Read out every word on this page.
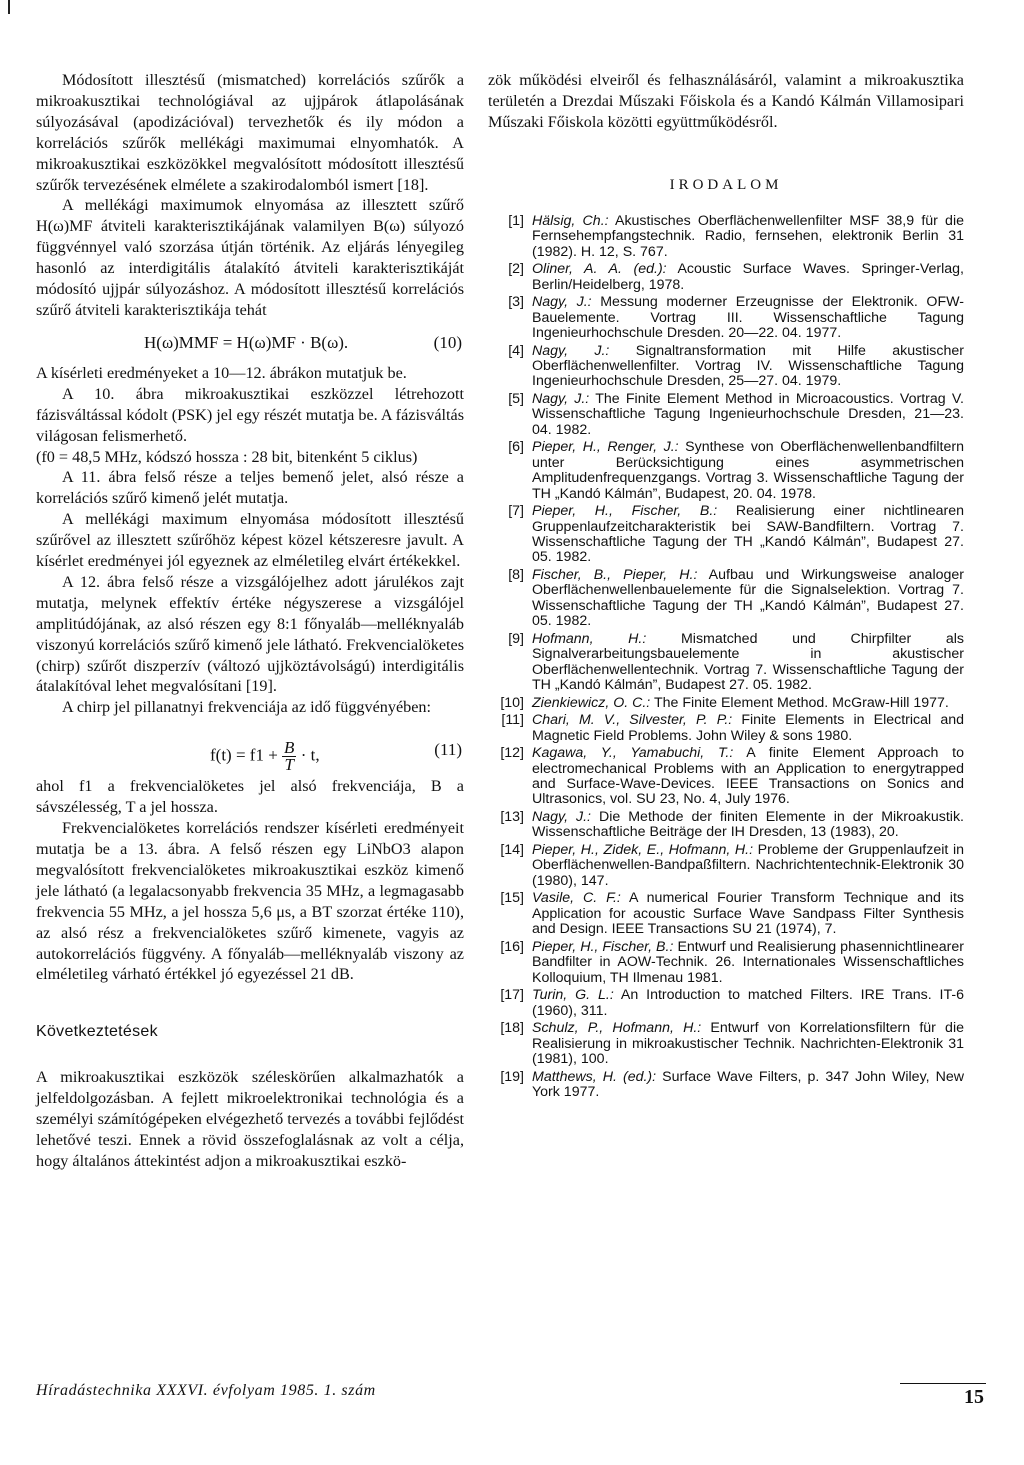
Módosított illesztésű (mismatched) korrelációs szűrők a mikroakusztikai technológiával az ujjpárok átlapolásának súlyozásával (apodizációval) tervezhetők és ily módon a korrelációs szűrők mellékági maximumai elnyomhatók. A mikroakusztikai eszközökkel megvalósított módosított illesztésű szűrők tervezésének elmélete a szakirodalomból ismert [18].

A mellékági maximumok elnyomása az illesztett szűrő H(ω)MF átviteli karakterisztikájának valamilyen B(ω) súlyozó függvénnyel való szorzása útján történik. Az eljárás lényegileg hasonló az interdigitális átalakító átviteli karakterisztikáját módosító ujjpár súlyozáshoz. A módosított illesztésű korrelációs szűrő átviteli karakterisztikája tehát

H(ω)MMF = H(ω)MF · B(ω).	(10)

A kísérleti eredményeket a 10—12. ábrákon mutatjuk be.

A 10. ábra mikroakusztikai eszközzel létrehozott fázisváltással kódolt (PSK) jel egy részét mutatja be. A fázisváltás világosan felismerhető.

(f0 = 48,5 MHz, kódszó hossza : 28 bit, bitenként 5 ciklus)

A 11. ábra felső része a teljes bemenő jelet, alsó része a korrelációs szűrő kimenő jelét mutatja.

A mellékági maximum elnyomása módosított illesztésű szűrővel az illesztett szűrőhöz képest közel kétszeresre javult. A kísérlet eredményei jól egyeznek az elméletileg elvárt értékekkel.

A 12. ábra felső része a vizsgálójelhez adott járulékos zajt mutatja, melynek effektív értéke négyszerese a vizsgálójel amplitúdójának, az alsó részen egy 8:1 főnyaláb—melléknyaláb viszonyú korrelációs szűrő kimenő jele látható. Frekvencialöketes (chirp) szűrőt diszperzív (változó ujjköztávolságú) interdigitális átalakítóval lehet megvalósítani [19].

A chirp jel pillanatnyi frekvenciája az idő függvényében:

$f(t) = f1 + \frac{B}{T} \cdot t$,	(11)

ahol f1 a frekvencialöketes jel alsó frekvenciája, B a sávszélesség, T a jel hossza.

Frekvencialöketes korrelációs rendszer kísérleti eredményeit mutatja be a 13. ábra. A felső részen egy LiNbO3 alapon megvalósított frekvencialöketes mikroakusztikai eszköz kimenő jele látható (a legalacsonyabb frekvencia 35 MHz, a legmagasabb frekvencia 55 MHz, a jel hossza 5,6 μs, a BT szorzat értéke 110), az alsó rész a frekvencialöketes szűrő kimenete, vagyis az autokorrelációs függvény. A főnyaláb—melléknyaláb viszony az elméletileg várható értékkel jó egyezéssel 21 dB.

Következtetések

A mikroakusztikai eszközök széleskörűen alkalmazhatók a jelfeldolgozásban. A fejlett mikroelektronikai technológia és a személyi számítógépeken elvégezhető tervezés a további fejlődést lehetővé teszi. Ennek a rövid összefoglalásnak az volt a célja, hogy általános áttekintést adjon a mikroakusztikai eszkö-

zök működési elveiről és felhasználásáról, valamint a mikroakusztika területén a Drezdai Műszaki Főiskola és a Kandó Kálmán Villamosipari Műszaki Főiskola közötti együttműködésről.

IRODALOM
[1] Hälsig, Ch.: Akustisches Oberflächenwellenfilter MSF 38,9 für die Fernsehempfangstechnik. Radio, fernsehen, elektronik Berlin 31 (1982). H. 12, S. 767.
[2] Oliner, A. A. (ed.): Acoustic Surface Waves. Springer-Verlag, Berlin/Heidelberg, 1978.
[3] Nagy, J.: Messung moderner Erzeugnisse der Elektronik. OFW-Bauelemente. Vortrag III. Wissenschaftliche Tagung Ingenieurhochschule Dresden. 20—22. 04. 1977.
[4] Nagy, J.: Signaltransformation mit Hilfe akustischer Oberflächenwellenfilter. Vortrag IV. Wissenschaftliche Tagung Ingenieurhochschule Dresden, 25—27. 04. 1979.
[5] Nagy, J.: The Finite Element Method in Microacoustics. Vortrag V. Wissenschaftliche Tagung Ingenieurhochschule Dresden, 21—23. 04. 1982.
[6] Pieper, H., Renger, J.: Synthese von Oberflächenwellenbandfiltern unter Berücksichtigung eines asymmetrischen Amplitudenfrequenzgangs. Vortrag 3. Wissenschaftliche Tagung der TH „Kandó Kálmán”, Budapest, 20. 04. 1978.
[7] Pieper, H., Fischer, B.: Realisierung einer nichtlinearen Gruppenlaufzeitcharakteristik bei SAW-Bandfiltern. Vortrag 7. Wissenschaftliche Tagung der TH „Kandó Kálmán”, Budapest 27. 05. 1982.
[8] Fischer, B., Pieper, H.: Aufbau und Wirkungsweise analoger Oberflächenwellenbauelemente für die Signalselektion. Vortrag 7. Wissenschaftliche Tagung der TH „Kandó Kálmán”, Budapest 27. 05. 1982.
[9] Hofmann, H.: Mismatched und Chirpfilter als Signalverarbeitungsbauelemente in akustischer Oberflächenwellentechnik. Vortrag 7. Wissenschaftliche Tagung der TH „Kandó Kálmán”, Budapest 27. 05. 1982.
[10] Zienkiewicz, O. C.: The Finite Element Method. McGraw-Hill 1977.
[11] Chari, M. V., Silvester, P. P.: Finite Elements in Electrical and Magnetic Field Problems. John Wiley & sons 1980.
[12] Kagawa, Y., Yamabuchi, T.: A finite Element Approach to electromechanical Problems with an Application to energytrapped and Surface-Wave-Devices. IEEE Transactions on Sonics and Ultrasonics, vol. SU 23, No. 4, July 1976.
[13] Nagy, J.: Die Methode der finiten Elemente in der Mikroakustik. Wissenschaftliche Beiträge der IH Dresden, 13 (1983), 20.
[14] Pieper, H., Zidek, E., Hofmann, H.: Probleme der Gruppenlaufzeit in Oberflächenwellen-Bandpaßfiltern. Nachrichtentechnik-Elektronik 30 (1980), 147.
[15] Vasile, C. F.: A numerical Fourier Transform Technique and its Application for acoustic Surface Wave Sandpass Filter Synthesis and Design. IEEE Transactions SU 21 (1974), 7.
[16] Pieper, H., Fischer, B.: Entwurf und Realisierung phasennichtlinearer Bandfilter in AOW-Technik. 26. Internationales Wissenschaftliches Kolloquium, TH Ilmenau 1981.
[17] Turin, G. L.: An Introduction to matched Filters. IRE Trans. IT-6 (1960), 311.
[18] Schulz, P., Hofmann, H.: Entwurf von Korrelationsfiltern für die Realisierung in mikroakustischer Technik. Nachrichten-Elektronik 31 (1981), 100.
[19] Matthews, H. (ed.): Surface Wave Filters, p. 347 John Wiley, New York 1977.
Híradástechnika XXXVI. évfolyam 1985. 1. szám	15
